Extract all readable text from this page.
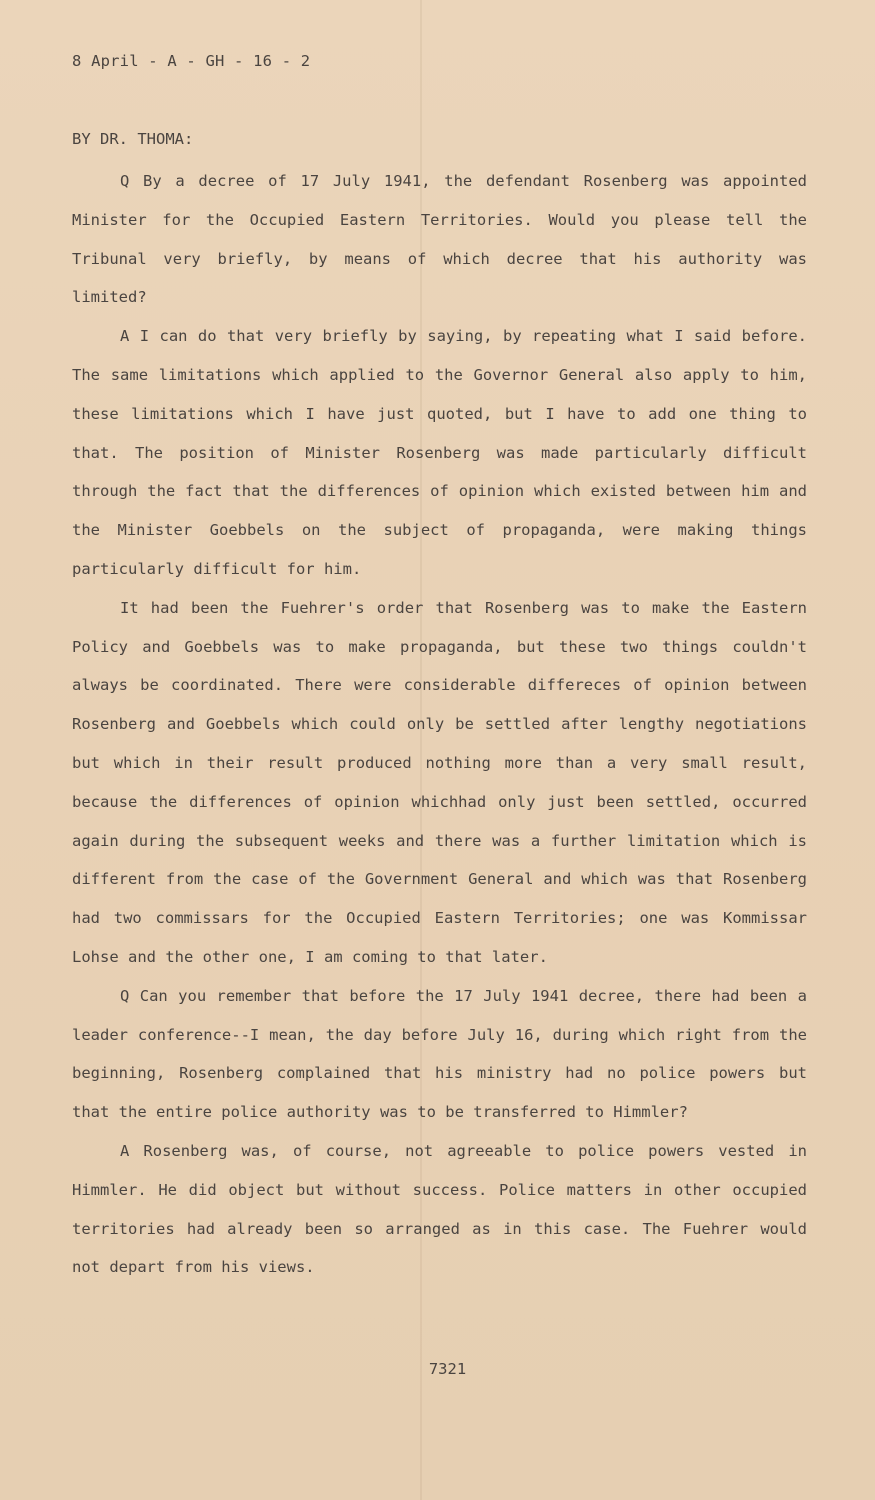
8 April - A - GH - 16 - 2
BY DR. THOMA:

Q By a decree of 17 July 1941, the defendant Rosenberg was appointed Minister for the Occupied Eastern Territories. Would you please tell the Tribunal very briefly, by means of which decree that his authority was limited?

A I can do that very briefly by saying, by repeating what I said before. The same limitations which applied to the Governor General also apply to him, these limitations which I have just quoted, but I have to add one thing to that. The position of Minister Rosenberg was made particularly difficult through the fact that the differences of opinion which existed between him and the Minister Goebbels on the subject of propaganda, were making things particularly difficult for him.

It had been the Fuehrer's order that Rosenberg was to make the Eastern Policy and Goebbels was to make propaganda, but these two things couldn't always be coordinated. There were considerable differeces of opinion between Rosenberg and Goebbels which could only be settled after lengthy negotiations but which in their result produced nothing more than a very small result, because the differences of opinion whichhad only just been settled, occurred again during the subsequent weeks and there was a further limitation which is different from the case of the Government General and which was that Rosenberg had two commissars for the Occupied Eastern Territories; one was Kommissar Lohse and the other one, I am coming to that later.

Q Can you remember that before the 17 July 1941 decree, there had been a leader conference--I mean, the day before July 16, during which right from the beginning, Rosenberg complained that his ministry had no police powers but that the entire police authority was to be transferred to Himmler?

A Rosenberg was, of course, not agreeable to police powers vested in Himmler. He did object but without success. Police matters in other occupied territories had already been so arranged as in this case. The Fuehrer would not depart from his views.

7321
